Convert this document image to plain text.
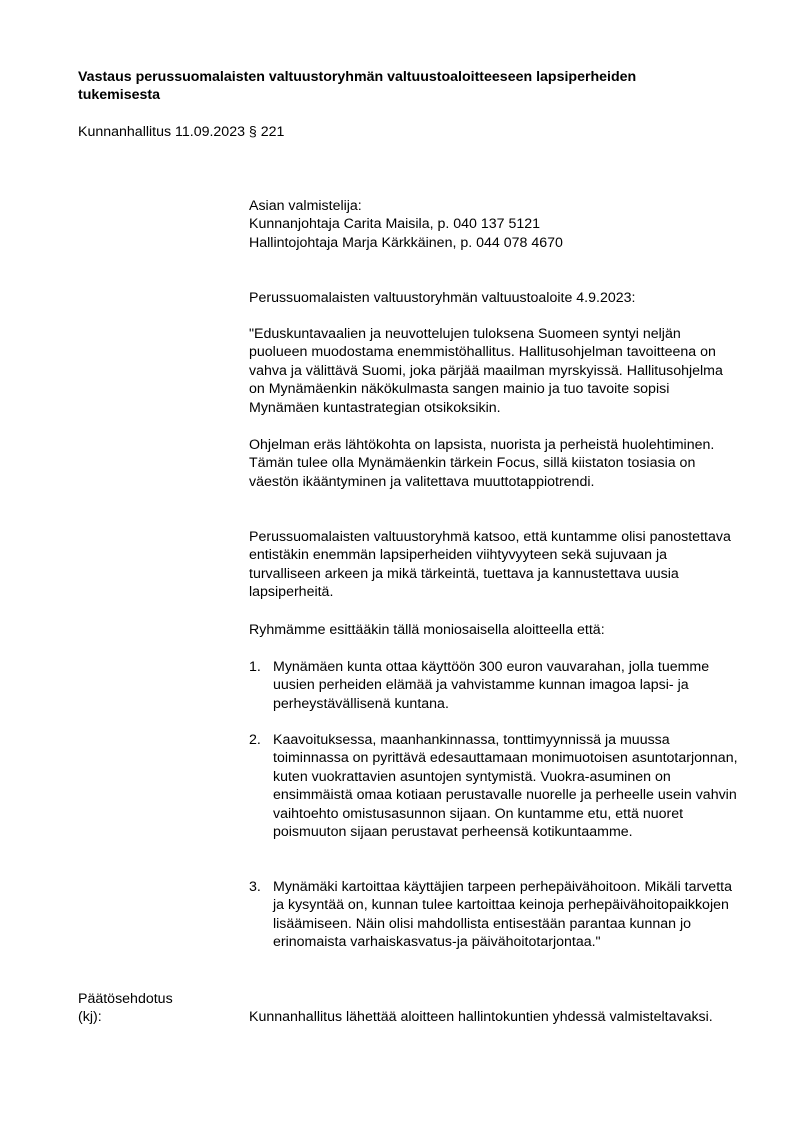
Vastaus perussuomalaisten valtuustoryhmän valtuustoaloitteeseen lapsiperheiden tukemisesta
Kunnanhallitus 11.09.2023 § 221

Asian valmistelija:

Kunnanjohtaja Carita Maisila, p. 040 137 5121

Hallintojohtaja Marja Kärkkäinen, p. 044 078 4670

Perussuomalaisten valtuustoryhmän valtuustoaloite 4.9.2023:
"Eduskuntavaalien ja neuvottelujen tuloksena Suomeen syntyi neljän puolueen muodostama enemmistöhallitus. Hallitusohjelman tavoitteena on vahva ja välittävä Suomi, joka pärjää maailman myrskyissä. Hallitusohjelma on Mynämäenkin näkökulmasta sangen mainio ja tuo tavoite sopisi Mynämäen kuntastrategian otsikoksikin.
Ohjelman eräs lähtökohta on lapsista, nuorista ja perheistä huolehtiminen. Tämän tulee olla Mynämäenkin tärkein Focus, sillä kiistaton tosiasia on väestön ikääntyminen ja valitettava muuttotappiotrendi.
Perussuomalaisten valtuustoryhmä katsoo, että kuntamme olisi panostettava entistäkin enemmän lapsiperheiden viihtyvyyteen sekä sujuvaan ja turvalliseen arkeen ja mikä tärkeintä, tuettava ja kannustettava uusia lapsiperheitä.
Ryhmämme esittääkin tällä moniosaisella aloitteella että:
1. Mynämäen kunta ottaa käyttöön 300 euron vauvarahan, jolla tuemme uusien perheiden elämää ja vahvistamme kunnan imagoa lapsi- ja perheystävällisenä kuntana.
2. Kaavoituksessa, maanhankinnassa, tonttimyynnissä ja muussa toiminnassa on pyrittävä edesauttamaan monimuotoisen asuntotarjonnan, kuten vuokrattavien asuntojen syntymistä. Vuokra-asuminen on ensimmäistä omaa kotiaan perustavalle nuorelle ja perheelle usein vahvin vaihtoehto omistusasunnon sijaan. On kuntamme etu, että nuoret poismuuton sijaan perustavat perheensä kotikuntaamme.
3. Mynämäki kartoittaa käyttäjien tarpeen perhepäivähoitoon. Mikäli tarvetta ja kysyntää on, kunnan tulee kartoittaa keinoja perhepäivähoitopaikkojen lisäämiseen. Näin olisi mahdollista entisestään parantaa kunnan jo erinomaista varhaiskasvatus-ja päivähoitotarjontaa."

Päätösehdotus

(kj):	Kunnanhallitus lähettää aloitteen hallintokuntien yhdessä valmisteltavaksi.
